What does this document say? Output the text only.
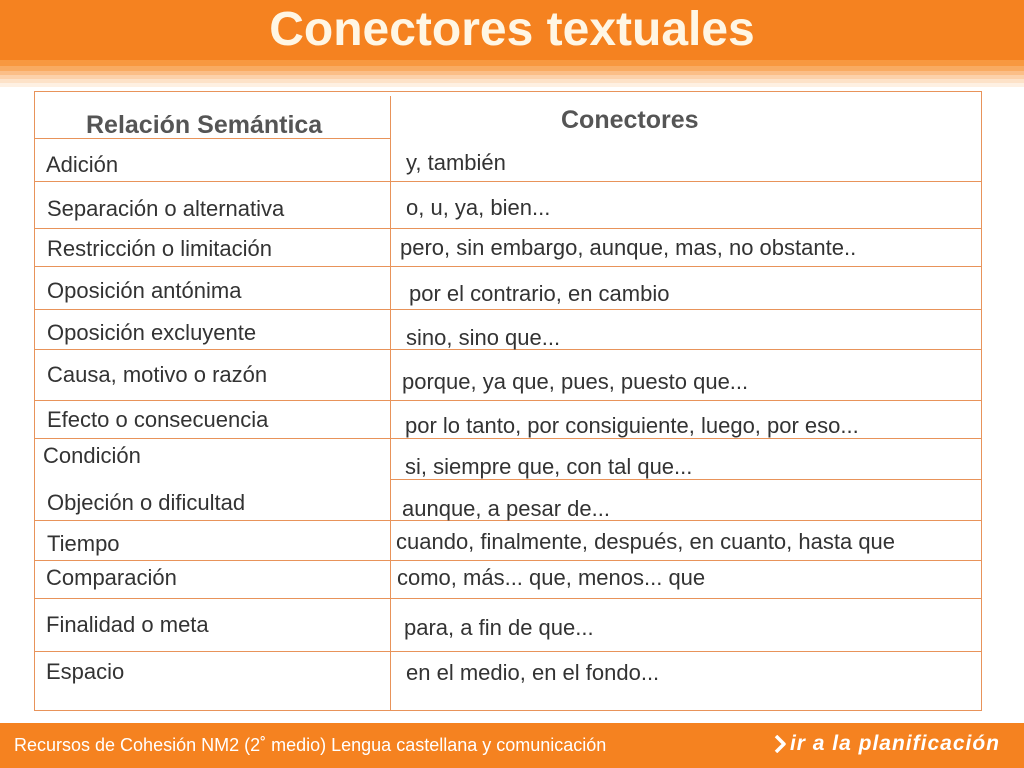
Conectores textuales
Relación Semántica	Conectores
Adición	y, también
Separación o alternativa	o, u, ya, bien...
Restricción o limitación	pero, sin embargo, aunque, mas, no obstante..
Oposición antónima	por el contrario, en cambio
Oposición excluyente	sino, sino que...
Causa, motivo o razón	porque, ya que, pues, puesto que...
Efecto o consecuencia	por lo tanto, por consiguiente, luego, por eso...
Condición	si, siempre que, con tal que...
Objeción o dificultad	aunque, a pesar de...
Tiempo	cuando, finalmente, después, en cuanto, hasta que
Comparación	como, más... que, menos... que
Finalidad o meta	para, a fin de que...
Espacio	en el medio, en el fondo...
Recursos de Cohesión NM2 (2˚ medio) Lengua castellana y comunicación	ir a la planificación
